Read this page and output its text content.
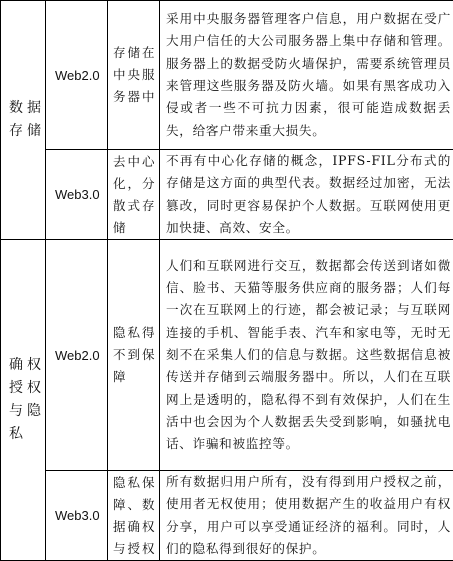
数据存储	Web2.0	存储在中央服务器中	采用中央服务器管理客户信息，用户数据在受广大用户信任的大公司服务器上集中存储和管理。服务器上的数据受防火墙保护，需要系统管理员来管理这些服务器及防火墙。如果有黑客成功入侵或者一些不可抗力因素，很可能造成数据丢失，给客户带来重大损失。
	Web3.0	去中心化，分散式存储	不再有中心化存储的概念，IPFS-FIL分布式的存储是这方面的典型代表。数据经过加密，无法篡改，同时更容易保护个人数据。互联网使用更加快捷、高效、安全。
确权授权与隐私	Web2.0	隐私得不到保障	人们和互联网进行交互，数据都会传送到诸如微信、脸书、天猫等服务供应商的服务器；人们每一次在互联网上的行迹，都会被记录；与互联网连接的手机、智能手表、汽车和家电等，无时无刻不在采集人们的信息与数据。这些数据信息被传送并存储到云端服务器中。所以，人们在互联网上是透明的，隐私得不到有效保护，人们在生活中也会因为个人数据丢失受到影响，如骚扰电话、诈骗和被监控等。
	Web3.0	隐私保障、数据确权与授权	所有数据归用户所有，没有得到用户授权之前，使用者无权使用；使用数据产生的收益用户有权分享，用户可以享受通证经济的福利。同时，人们的隐私得到很好的保护。
